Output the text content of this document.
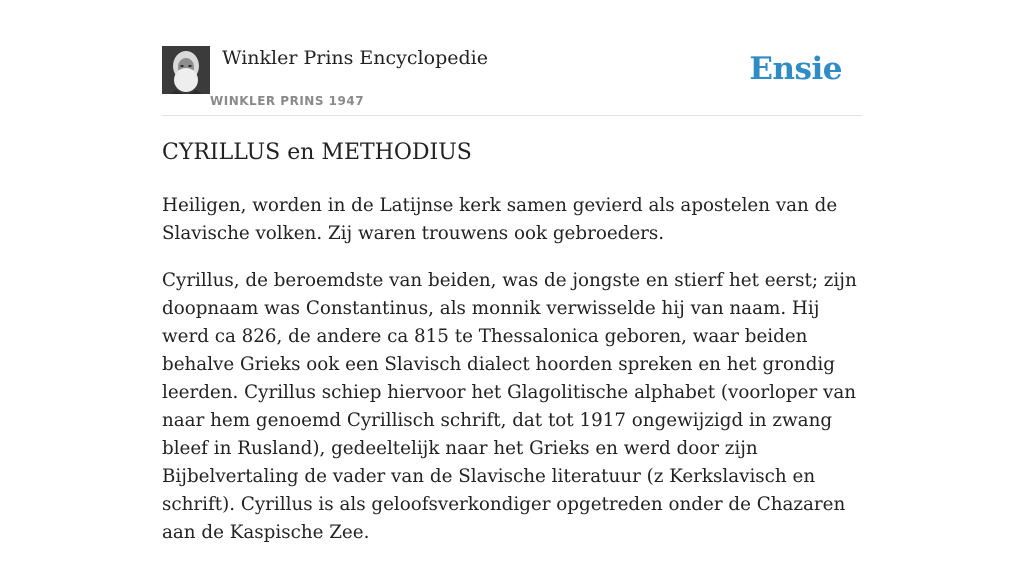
Winkler Prins Encyclopedie
WINKLER PRINS 1947
Ensie
CYRILLUS en METHODIUS

Heiligen, worden in de Latijnse kerk samen gevierd als apostelen van de Slavische volken. Zij waren trouwens ook gebroeders.

Cyrillus, de beroemdste van beiden, was de jongste en stierf het eerst; zijn doopnaam was Constantinus, als monnik verwisselde hij van naam. Hij werd ca 826, de andere ca 815 te Thessalonica geboren, waar beiden behalve Grieks ook een Slavisch dialect hoorden spreken en het grondig leerden. Cyrillus schiep hiervoor het Glagolitische alphabet (voorloper van naar hem genoemd Cyrillisch schrift, dat tot 1917 ongewijzigd in zwang bleef in Rusland), gedeeltelijk naar het Grieks en werd door zijn Bijbelvertaling de vader van de Slavische literatuur (z Kerkslavisch en schrift). Cyrillus is als geloofsverkondiger opgetreden onder de Chazaren aan de Kaspische Zee.
